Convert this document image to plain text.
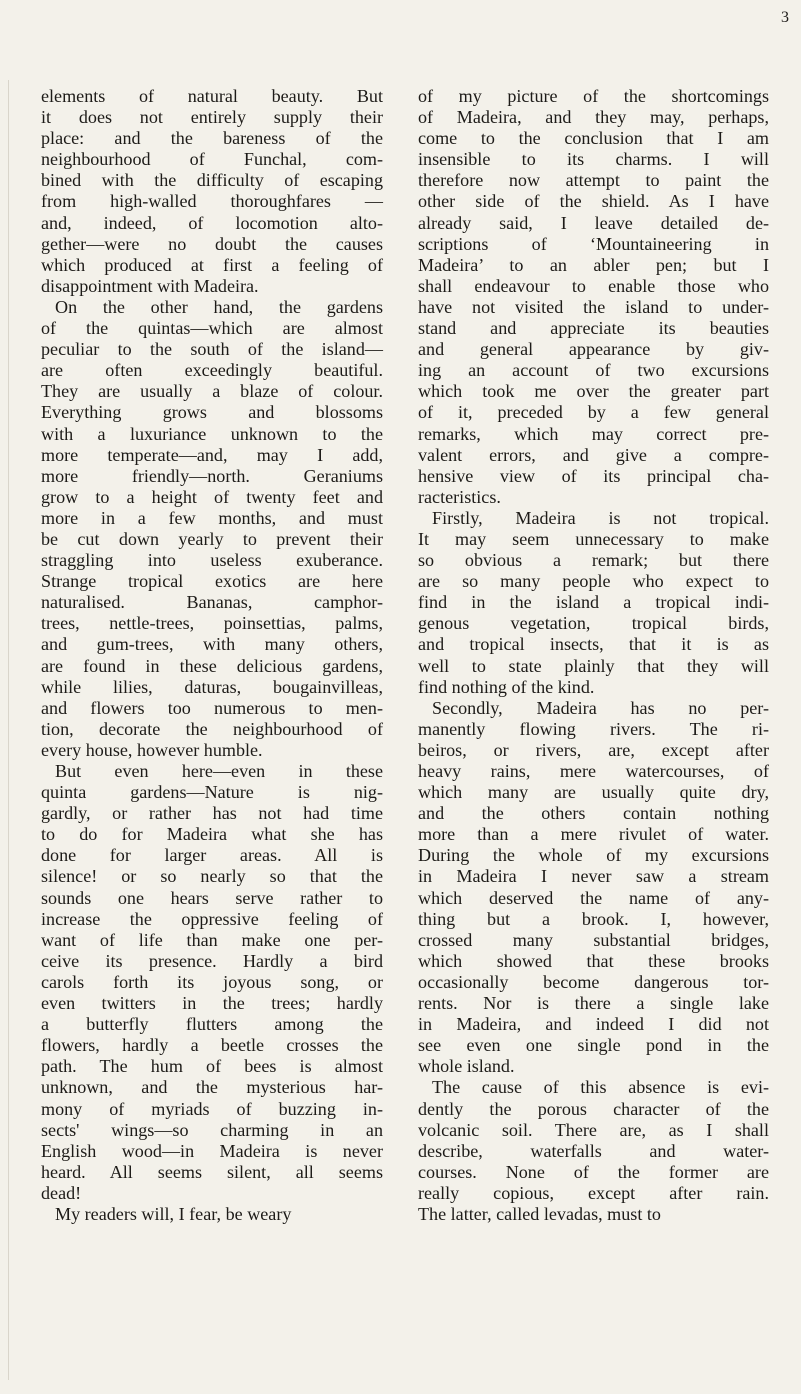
3
elements of natural beauty. But
it does not entirely supply their
place: and the bareness of the
neighbourhood of Funchal, com-
bined with the difficulty of escaping
from high-walled thoroughfares —
and, indeed, of locomotion alto-
gether—were no doubt the causes
which produced at first a feeling of
disappointment with Madeira.
On the other hand, the gardens
of the quintas—which are almost
peculiar to the south of the island—
are often exceedingly beautiful.
They are usually a blaze of colour.
Everything grows and blossoms
with a luxuriance unknown to the
more temperate—and, may I add,
more friendly—north. Geraniums
grow to a height of twenty feet and
more in a few months, and must
be cut down yearly to prevent their
straggling into useless exuberance.
Strange tropical exotics are here
naturalised. Bananas, camphor-
trees, nettle-trees, poinsettias, palms,
and gum-trees, with many others,
are found in these delicious gardens,
while lilies, daturas, bougainvilleas,
and flowers too numerous to men-
tion, decorate the neighbourhood of
every house, however humble.
But even here—even in these
quinta gardens—Nature is nig-
gardly, or rather has not had time
to do for Madeira what she has
done for larger areas. All is
silence! or so nearly so that the
sounds one hears serve rather to
increase the oppressive feeling of
want of life than make one per-
ceive its presence. Hardly a bird
carols forth its joyous song, or
even twitters in the trees; hardly
a butterfly flutters among the
flowers, hardly a beetle crosses the
path. The hum of bees is almost
unknown, and the mysterious har-
mony of myriads of buzzing in-
sects' wings—so charming in an
English wood—in Madeira is never
heard. All seems silent, all seems
dead!
My readers will, I fear, be weary
of my picture of the shortcomings
of Madeira, and they may, perhaps,
come to the conclusion that I am
insensible to its charms. I will
therefore now attempt to paint the
other side of the shield. As I have
already said, I leave detailed de-
scriptions of ‘Mountaineering in
Madeira’ to an abler pen; but I
shall endeavour to enable those who
have not visited the island to under-
stand and appreciate its beauties
and general appearance by giv-
ing an account of two excursions
which took me over the greater part
of it, preceded by a few general
remarks, which may correct pre-
valent errors, and give a compre-
hensive view of its principal cha-
racteristics.
Firstly, Madeira is not tropical.
It may seem unnecessary to make
so obvious a remark; but there
are so many people who expect to
find in the island a tropical indi-
genous vegetation, tropical birds,
and tropical insects, that it is as
well to state plainly that they will
find nothing of the kind.
Secondly, Madeira has no per-
manently flowing rivers. The ri-
beiros, or rivers, are, except after
heavy rains, mere watercourses, of
which many are usually quite dry,
and the others contain nothing
more than a mere rivulet of water.
During the whole of my excursions
in Madeira I never saw a stream
which deserved the name of any-
thing but a brook. I, however,
crossed many substantial bridges,
which showed that these brooks
occasionally become dangerous tor-
rents. Nor is there a single lake
in Madeira, and indeed I did not
see even one single pond in the
whole island.
The cause of this absence is evi-
dently the porous character of the
volcanic soil. There are, as I shall
describe, waterfalls and water-
courses. None of the former are
really copious, except after rain.
The latter, called levadas, must to
